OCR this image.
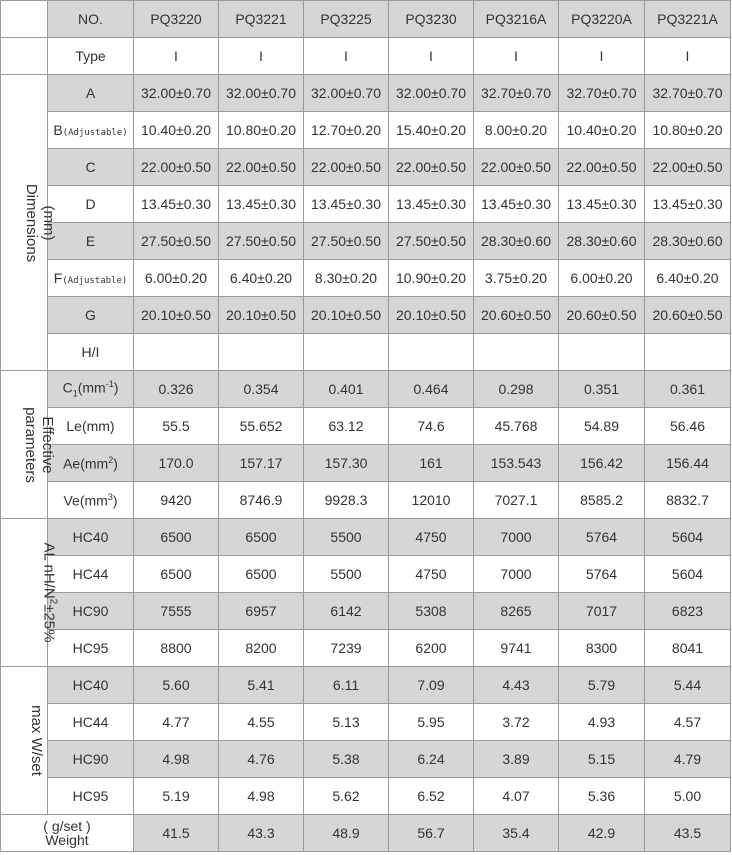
	NO.	PQ3220	PQ3221	PQ3225	PQ3230	PQ3216A	PQ3220A	PQ3221A
	Type	I	I	I	I	I	I	I

(mm)
Dimensions	A	32.00±0.70	32.00±0.70	32.00±0.70	32.00±0.70	32.70±0.70	32.70±0.70	32.70±0.70
	B(Adjustable)	10.40±0.20	10.80±0.20	12.70±0.20	15.40±0.20	8.00±0.20	10.40±0.20	10.80±0.20
	C	22.00±0.50	22.00±0.50	22.00±0.50	22.00±0.50	22.00±0.50	22.00±0.50	22.00±0.50
	D	13.45±0.30	13.45±0.30	13.45±0.30	13.45±0.30	13.45±0.30	13.45±0.30	13.45±0.30
	E	27.50±0.50	27.50±0.50	27.50±0.50	27.50±0.50	28.30±0.60	28.30±0.60	28.30±0.60
	F(Adjustable)	6.00±0.20	6.40±0.20	8.30±0.20	10.90±0.20	3.75±0.20	6.00±0.20	6.40±0.20
	G	20.10±0.50	20.10±0.50	20.10±0.50	20.10±0.50	20.60±0.50	20.60±0.50	20.60±0.50
	H/I							

Effective
parameters	$C_1(mm^{-1})$	0.326	0.354	0.401	0.464	0.298	0.351	0.361
	Le(mm)	55.5	55.652	63.12	74.6	45.768	54.89	56.46
	$Ae(mm^2)$	170.0	157.17	157.30	161	153.543	156.42	156.44
	$Ve(mm^3)$	9420	8746.9	9928.3	12010	7027.1	8585.2	8832.7
AL $nH/N^2\pm 25\%$	HC40	6500	6500	5500	4750	7000	5764	5604
	HC44	6500	6500	5500	4750	7000	5764	5604
	HC90	7555	6957	6142	5308	8265	7017	6823
	HC95	8800	8200	7239	6200	9741	8300	8041
max W/set	HC40	5.60	5.41	6.11	7.09	4.43	5.79	5.44
	HC44	4.77	4.55	5.13	5.95	3.72	4.93	4.57
	HC90	4.98	4.76	5.38	6.24	3.89	5.15	4.79
	HC95	5.19	4.98	5.62	6.52	4.07	5.36	5.00

( g/set )
Weight		41.5	43.3	48.9	56.7	35.4	42.9	43.5
